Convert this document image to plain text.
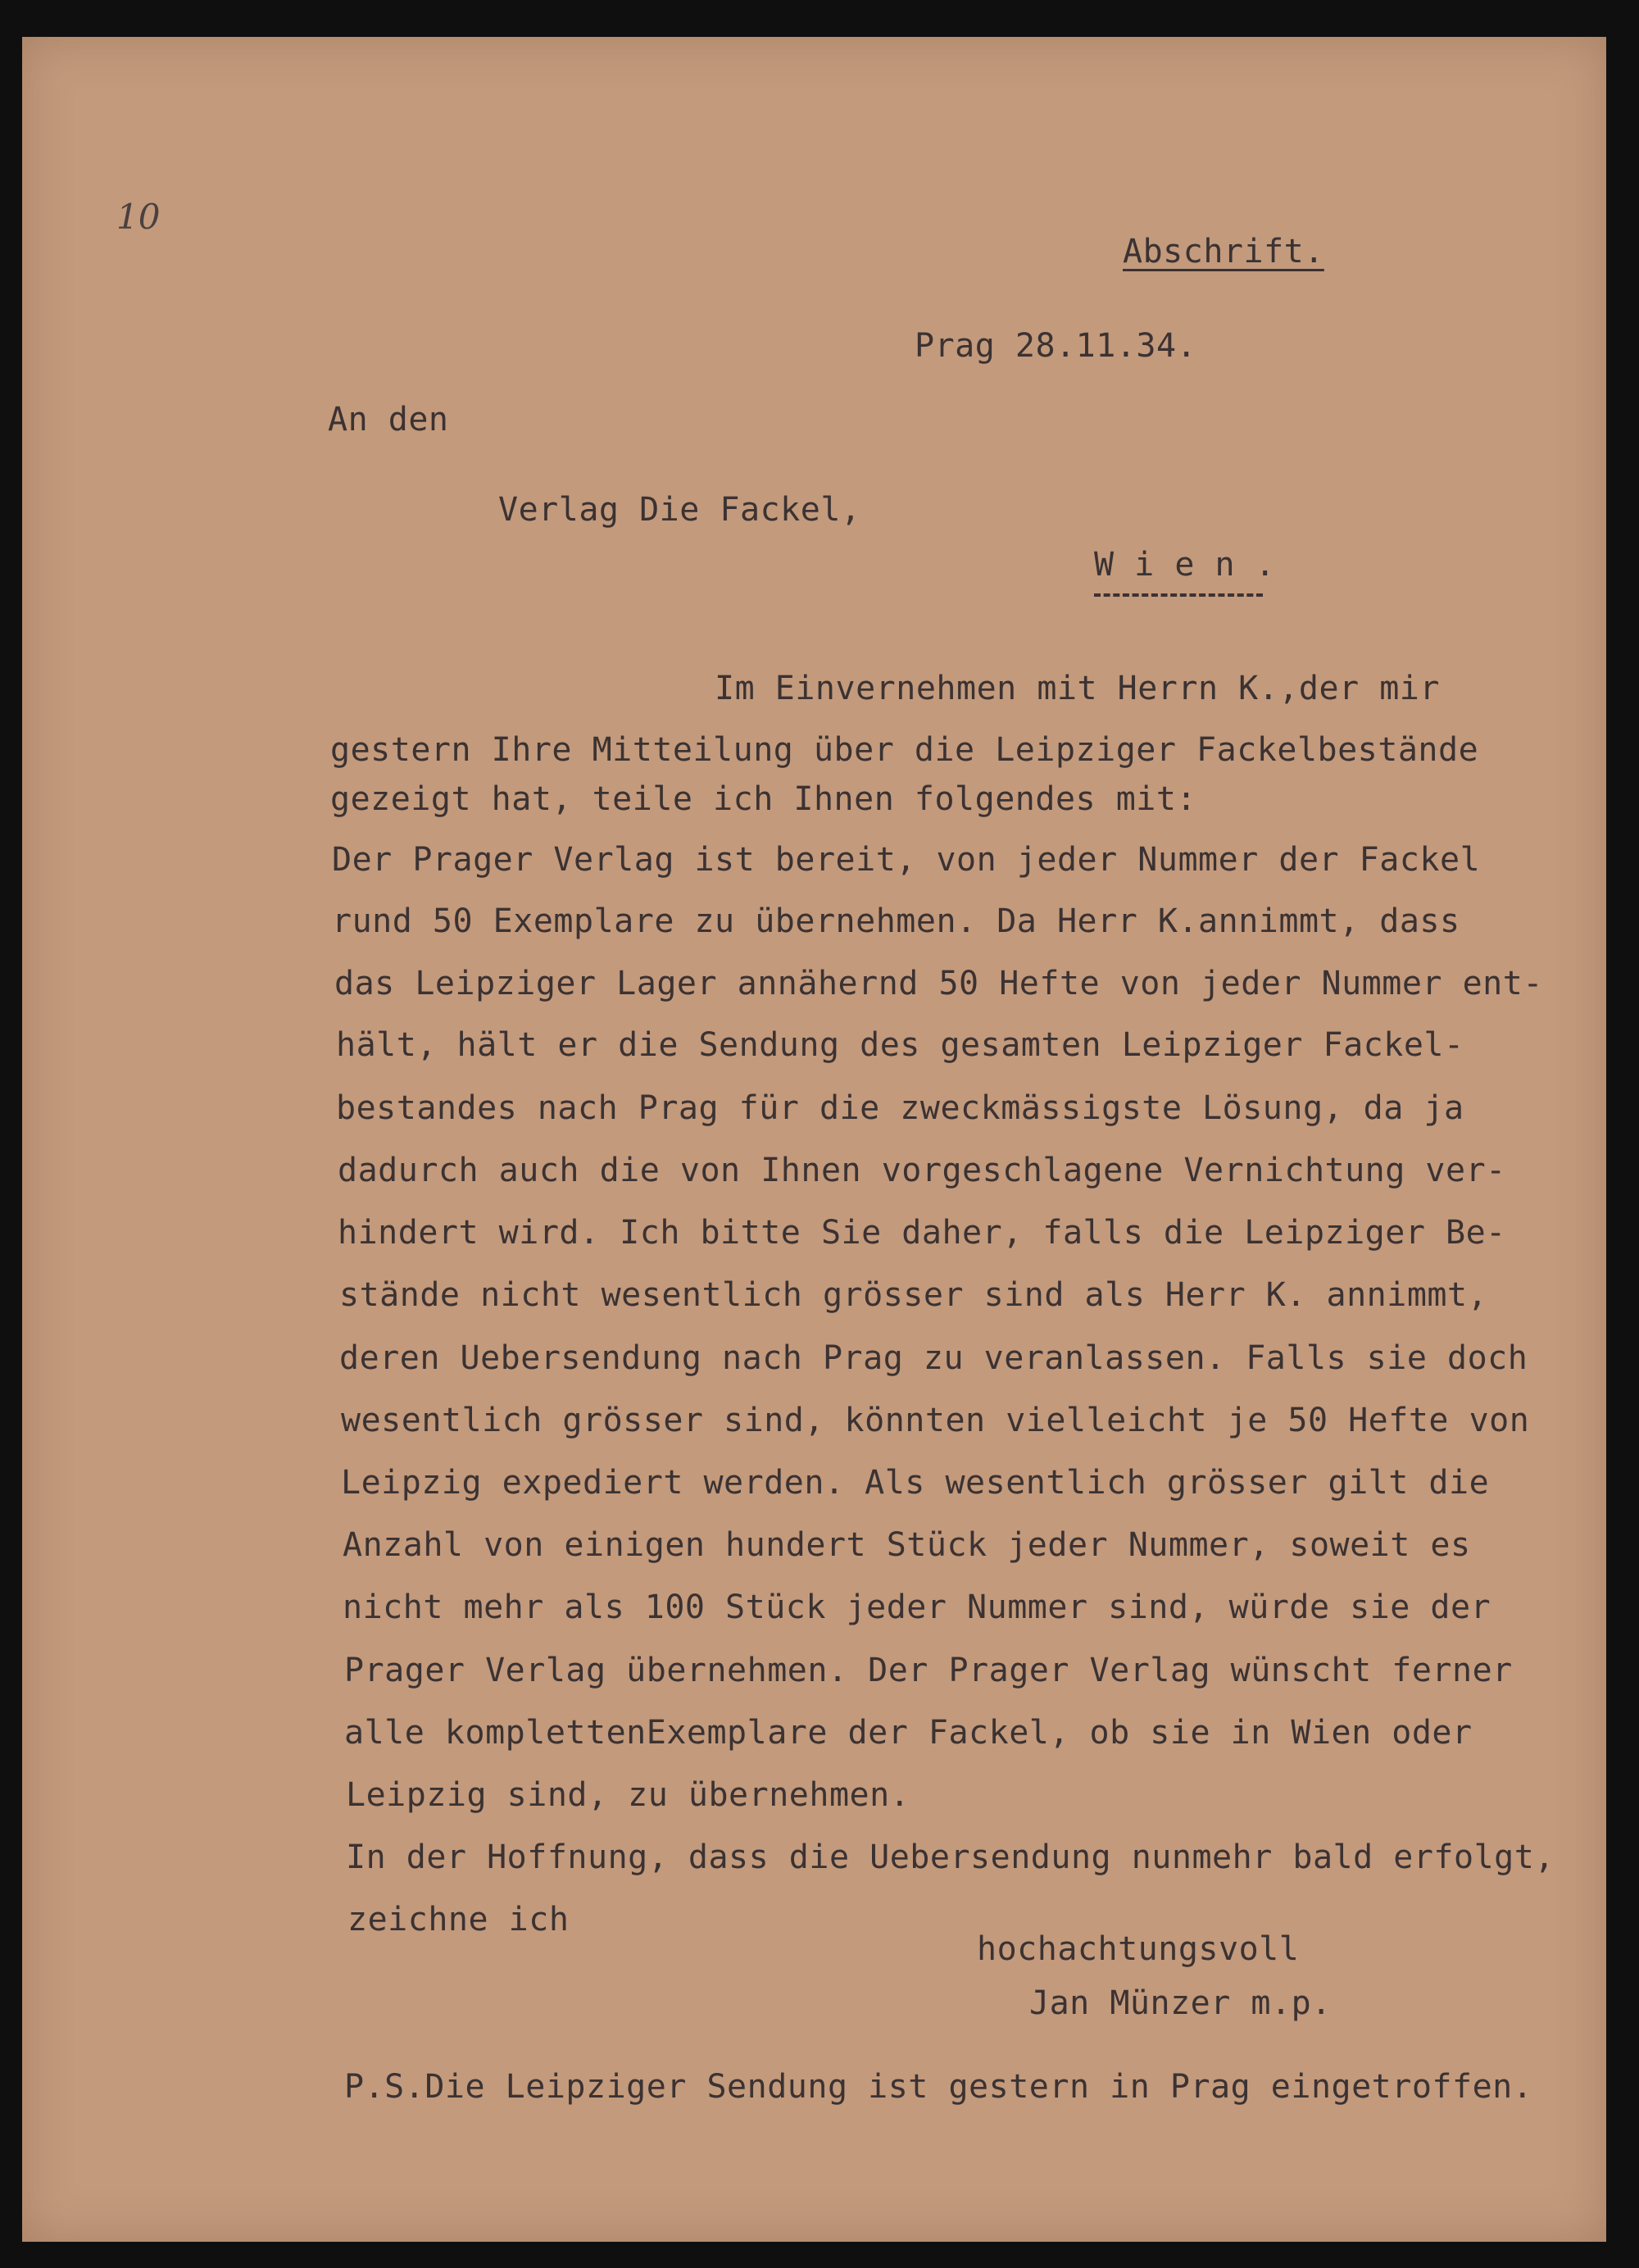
10

Abschrift.

Prag 28.11.34.

An den

Verlag Die Fackel,

W i e n .

Im Einvernehmen mit Herrn K.,der mir

gestern Ihre Mitteilung über die Leipziger Fackelbestände

gezeigt hat, teile ich Ihnen folgendes mit:

Der Prager Verlag ist bereit, von jeder Nummer der Fackel

rund 50 Exemplare zu übernehmen. Da Herr K.annimmt, dass

das Leipziger Lager annähernd 50 Hefte von jeder Nummer ent-

hält, hält er die Sendung des gesamten Leipziger Fackel-

bestandes nach Prag für die zweckmässigste Lösung, da ja

dadurch auch die von Ihnen vorgeschlagene Vernichtung ver-

hindert wird. Ich bitte Sie daher, falls die Leipziger Be-

stände nicht wesentlich grösser sind als Herr K. annimmt,

deren Uebersendung nach Prag zu veranlassen. Falls sie doch

wesentlich grösser sind, könnten vielleicht je 50 Hefte von

Leipzig expediert werden. Als wesentlich grösser gilt die

Anzahl von einigen hundert Stück jeder Nummer, soweit es

nicht mehr als 100 Stück jeder Nummer sind, würde sie der

Prager Verlag übernehmen. Der Prager Verlag wünscht ferner

alle komplettenExemplare der Fackel, ob sie in Wien oder

Leipzig sind, zu übernehmen.

In der Hoffnung, dass die Uebersendung nunmehr bald erfolgt,

zeichne ich

hochachtungsvoll

Jan Münzer m.p.

P.S.Die Leipziger Sendung ist gestern in Prag eingetroffen.
